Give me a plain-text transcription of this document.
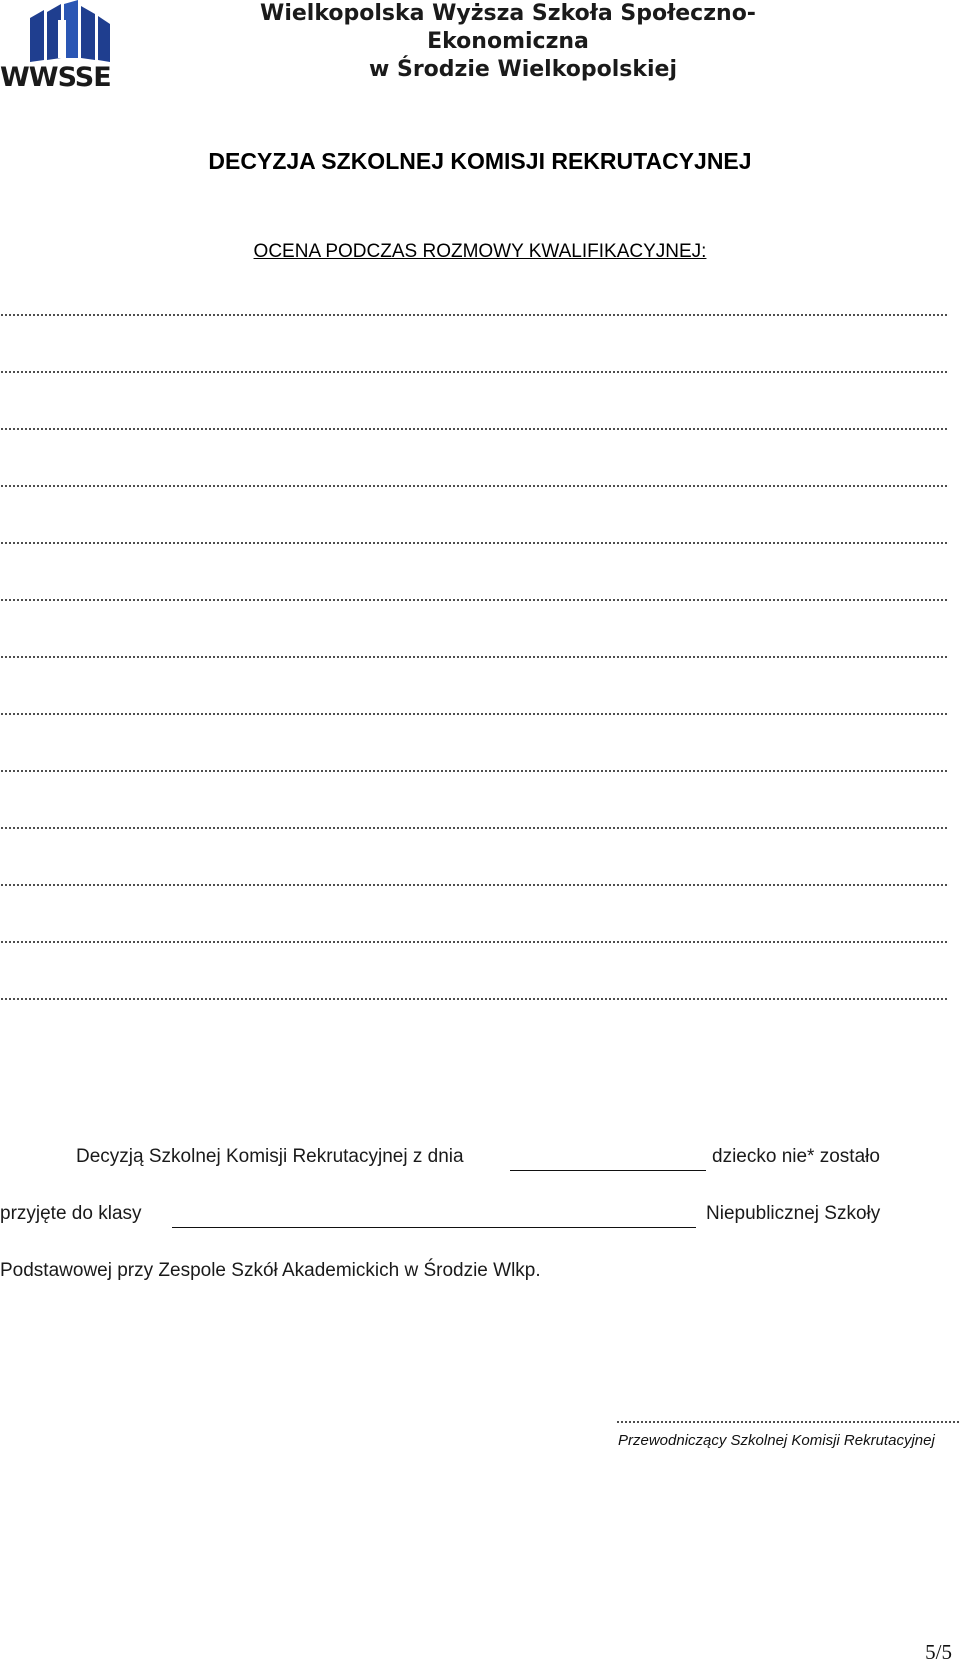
WWSSE
Wielkopolska Wyższa Szkoła Społeczno-Ekonomiczna
w Środzie Wielkopolskiej
DECYZJA SZKOLNEJ KOMISJI REKRUTACYJNEJ
OCENA PODCZAS ROZMOWY KWALIFIKACYJNEJ:
Decyzją Szkolnej Komisji Rekrutacyjnej z dnia	dziecko nie* zostało
przyjęte do klasy	Niepublicznej Szkoły
Podstawowej przy Zespole Szkół Akademickich w Środzie Wlkp.
Przewodniczący Szkolnej Komisji Rekrutacyjnej
5/5
